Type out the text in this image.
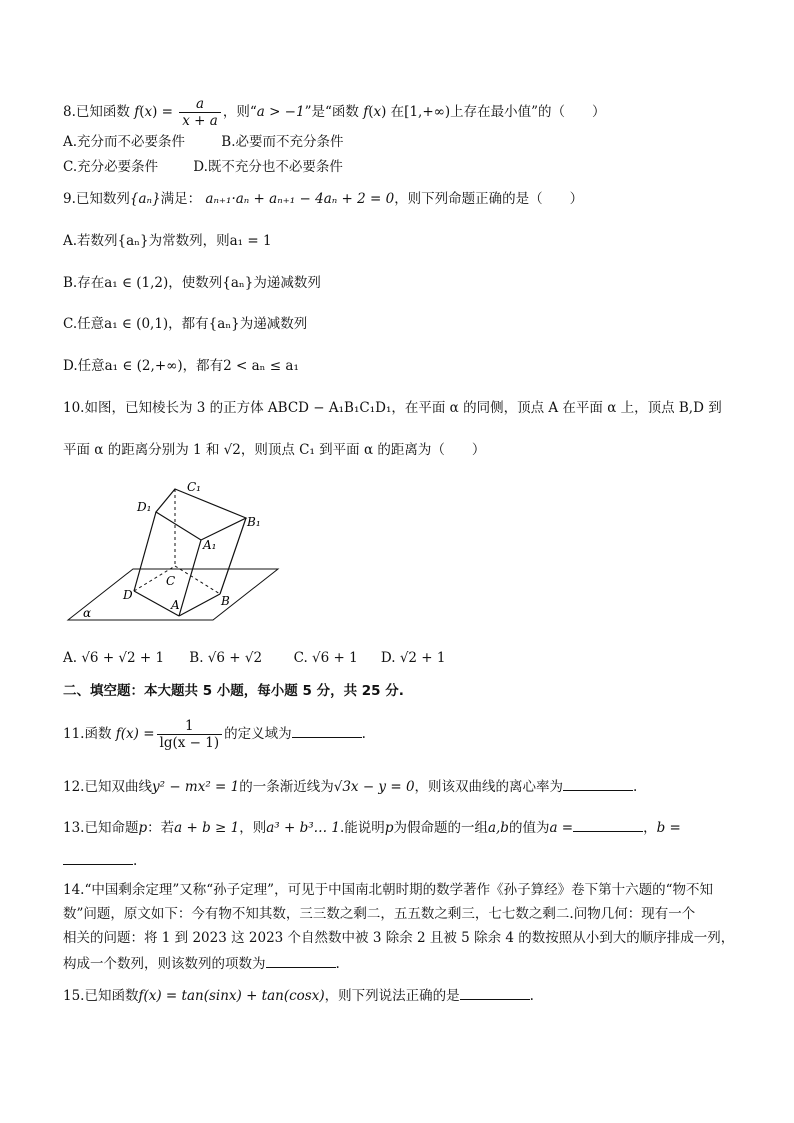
8.已知函数 $f(x) = \frac{a}{x + a}$ ，则“a > −1”是“函数 f(x) 在[1,+∞)上存在最小值”的（　　）
A.充分而不必要条件	B.必要而不充分条件
C.充分必要条件	D.既不充分也不必要条件
9.已知数列{aₙ}满足： aₙ₊₁·aₙ + aₙ₊₁ − 4aₙ + 2 = 0，则下列命题正确的是（　　）
A.若数列{aₙ}为常数列，则a₁ = 1
B.存在a₁ ∈ (1,2)，使数列{aₙ}为递减数列
C.任意a₁ ∈ (0,1)，都有{aₙ}为递减数列
D.任意a₁ ∈ (2,+∞)，都有2 < aₙ ≤ a₁
10.如图，已知棱长为 3 的正方体 ABCD − A₁B₁C₁D₁，在平面 α 的同侧，顶点 A 在平面 α 上，顶点 B,D 到
平面 α 的距离分别为 1 和 √2，则顶点 C₁ 到平面 α 的距离为（　　）
C₁
D₁
B₁
A₁
C
D
A	B
α
A. √6 + √2 + 1 B. √6 + √2 C. √6 + 1 D. √2 + 1
二、填空题：本大题共 5 小题，每小题 5 分，共 25 分.
11.函数 $f(x) = \frac{1}{\lg(x - 1)}$ 的定义域为	.
12.已知双曲线y² − mx² = 1的一条渐近线为√3x − y = 0，则该双曲线的离心率为	.
13.已知命题p：若a + b ≥ 1，则a³ + b³… 1.能说明p为假命题的一组a,b的值为a =	，b =
.
14.“中国剩余定理”又称“孙子定理”，可见于中国南北朝时期的数学著作《孙子算经》卷下第十六题的“物不知
数”问题，原文如下：今有物不知其数，三三数之剩二，五五数之剩三，七七数之剩二.问物几何：现有一个
相关的问题：将 1 到 2023 这 2023 个自然数中被 3 除余 2 且被 5 除余 4 的数按照从小到大的顺序排成一列，
构成一个数列，则该数列的项数为	.
15.已知函数f(x) = tan(sinx) + tan(cosx)，则下列说法正确的是	.
